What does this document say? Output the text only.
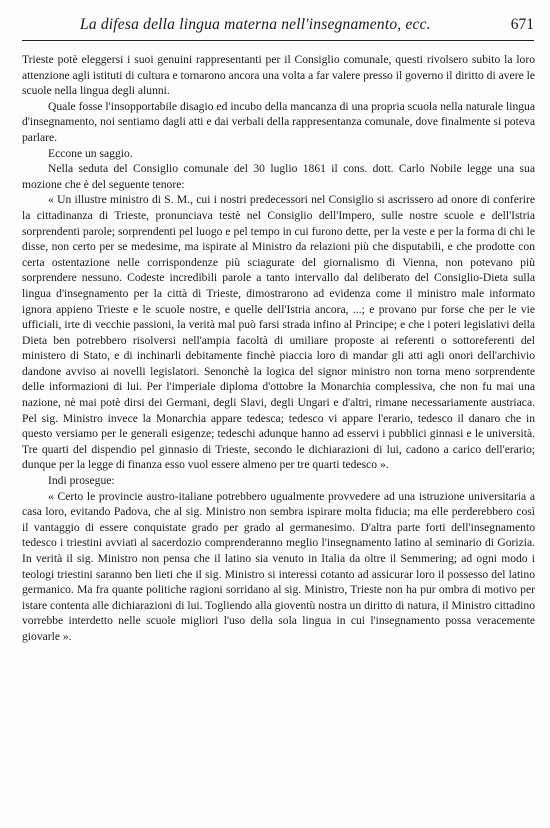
La difesa della lingua materna nell'insegnamento, ecc.	671

Trieste potè eleggersi i suoi genuini rappresentanti per il Consiglio comunale, questi rivolsero subito la loro attenzione agli istituti di cultura e tornarono ancora una volta a far valere presso il governo il diritto di avere le scuole nella lingua degli alunni.

Quale fosse l'insopportabile disagio ed incubo della mancanza di una propria scuola nella naturale lingua d'insegnamento, noi sentiamo dagli atti e dai verbali della rappresentanza comunale, dove finalmente si poteva parlare.

Eccone un saggio.

Nella seduta del Consiglio comunale del 30 luglio 1861 il cons. dott. Carlo Nobile legge una sua mozione che è del seguente tenore:

« Un illustre ministro di S. M., cui i nostri predecessori nel Consiglio si ascrissero ad onore di conferire la cittadinanza di Trieste, pronunciava testè nel Consiglio dell'Impero, sulle nostre scuole e dell'Istria sorprendenti parole; sorprendenti pel luogo e pel tempo in cui furono dette, per la veste e per la forma di chi le disse, non certo per se medesime, ma ispirate al Ministro da relazioni più che disputabili, e che prodotte con certa ostentazione nelle corrispondenze più sciagurate del giornalismo di Vienna, non potevano più sorprendere nessuno. Codeste incredibili parole a tanto intervallo dal deliberato del Consiglio-Dieta sulla lingua d'insegnamento per la città di Trieste, dimostrarono ad evidenza come il ministro male informato ignora appieno Trieste e le scuole nostre, e quelle dell'Istria ancora, ...; e provano pur forse che per le vie ufficiali, irte di vecchie passioni, la verità mal può farsi strada infino al Principe; e che i poteri legislativi della Dieta ben potrebbero risolversi nell'ampia facoltà di umiliare proposte ai referenti o sottoreferenti del ministero di Stato, e di inchinarli debitamente finchè piaccia loro di mandar gli atti agli onori dell'archivio dandone avviso ai novelli legislatori. Senonchè la logica del signor ministro non torna meno sorprendente delle informazioni di lui. Per l'imperiale diploma d'ottobre la Monarchia complessiva, che non fu mai una nazione, nè mai potè dirsi dei Germani, degli Slavi, degli Ungari e d'altri, rimane necessariamente austriaca. Pel sig. Ministro invece la Monarchia appare tedesca; tedesco vi appare l'erario, tedesco il danaro che in questo versiamo per le generali esigenze; tedeschi adunque hanno ad esservi i pubblici ginnasi e le università. Tre quarti del dispendio pel ginnasio di Trieste, secondo le dichiarazioni di lui, cadono a carico dell'erario; dunque per la legge di finanza esso vuol essere almeno per tre quarti tedesco ».

Indi prosegue:

« Certo le provincie austro-italiane potrebbero ugualmente provvedere ad una istruzione universitaria a casa loro, evitando Padova, che al sig. Ministro non sembra ispirare molta fiducia; ma elle perderebbero così il vantaggio di essere conquistate grado per grado al germanesimo. D'altra parte forti dell'insegnamento tedesco i triestini avviati al sacerdozio comprenderanno meglio l'insegnamento latino al seminario di Gorizia. In verità il sig. Ministro non pensa che il latino sia venuto in Italia da oltre il Semmering; ad ogni modo i teologi triestini saranno ben lieti che il sig. Ministro si interessi cotanto ad assicurar loro il possesso del latino germanico. Ma fra quante politiche ragioni sorridano al sig. Ministro, Trieste non ha pur ombra di motivo per istare contenta alle dichiarazioni di lui. Togliendo alla gioventù nostra un diritto di natura, il Ministro cittadino vorrebbe interdetto nelle scuole migliori l'uso della sola lingua in cui l'insegnamento possa veracemente giovarle ».
